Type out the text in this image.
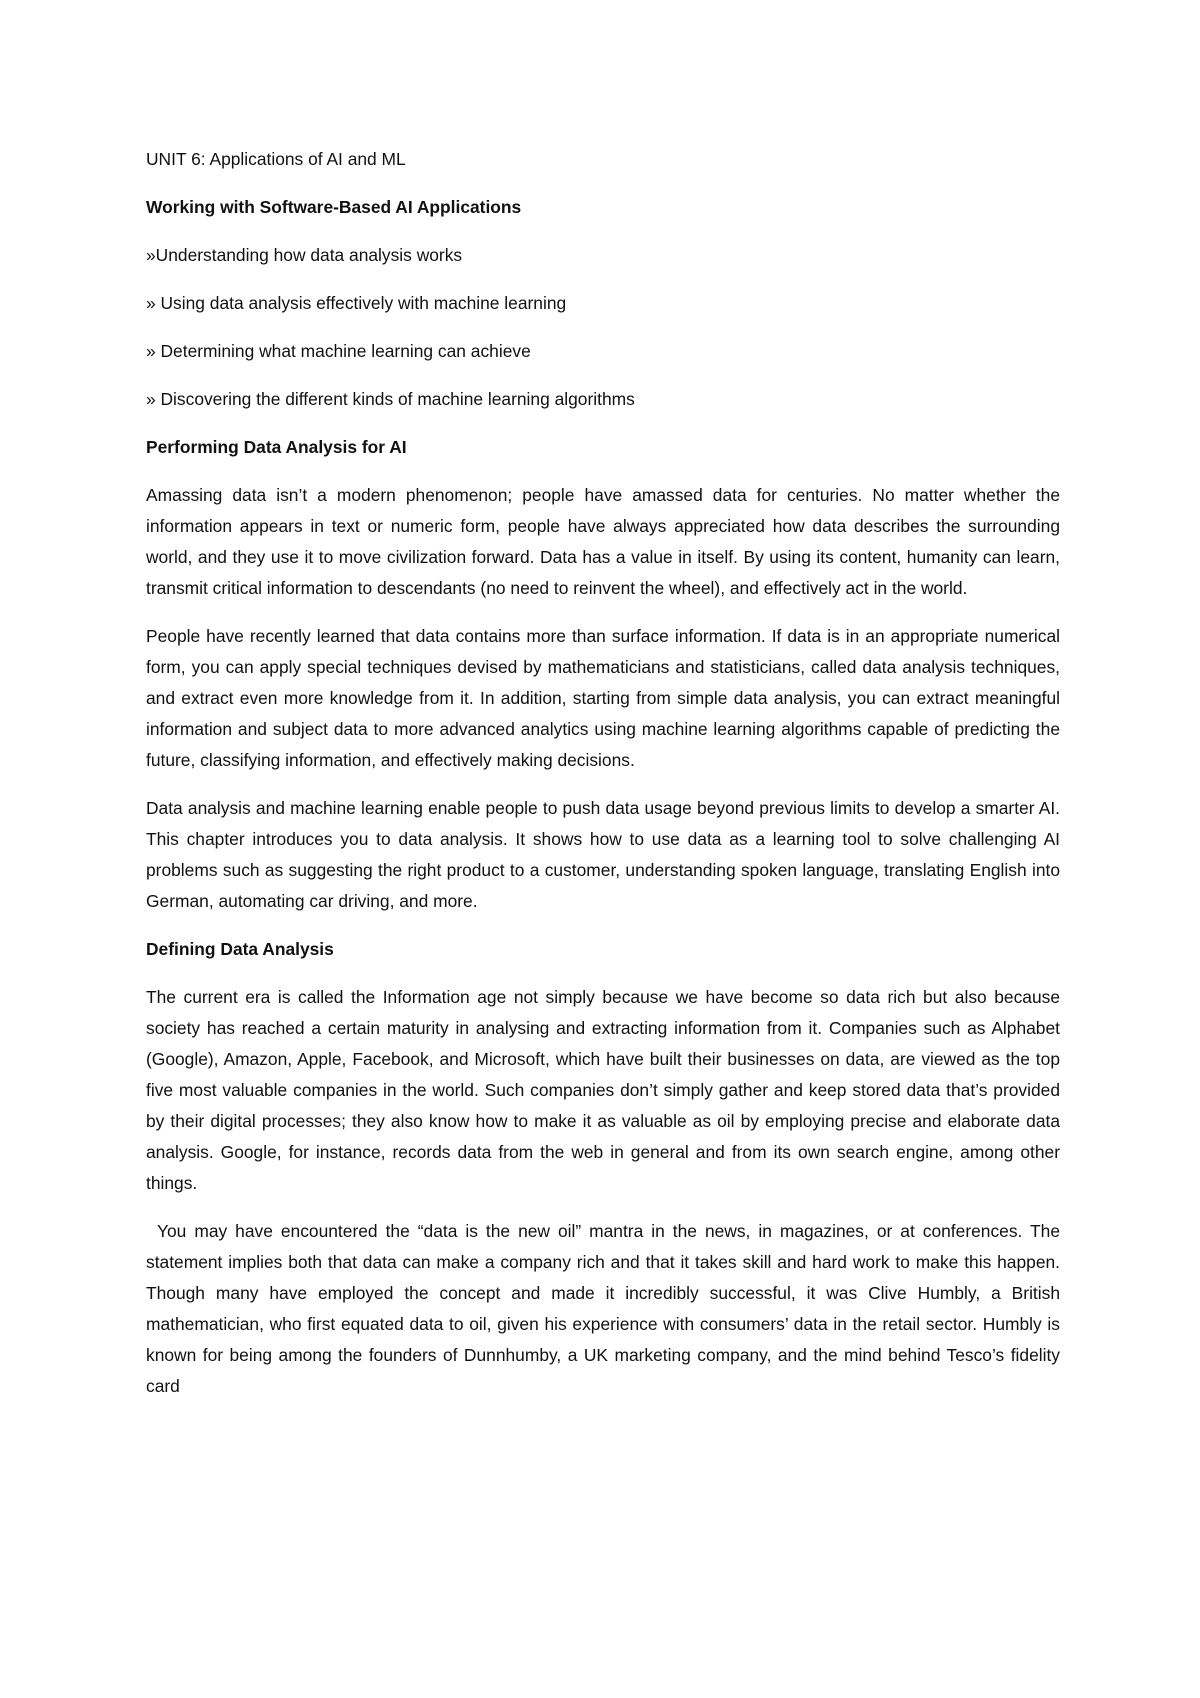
UNIT 6: Applications of AI and ML
Working with Software-Based AI Applications
»Understanding how data analysis works
» Using data analysis effectively with machine learning
» Determining what machine learning can achieve
» Discovering the different kinds of machine learning algorithms
Performing Data Analysis for AI

Amassing data isn’t a modern phenomenon; people have amassed data for centuries. No matter whether the information appears in text or numeric form, people have always appreciated how data describes the surrounding world, and they use it to move civilization forward. Data has a value in itself. By using its content, humanity can learn, transmit critical information to descendants (no need to reinvent the wheel), and effectively act in the world.

People have recently learned that data contains more than surface information. If data is in an appropriate numerical form, you can apply special techniques devised by mathematicians and statisticians, called data analysis techniques, and extract even more knowledge from it. In addition, starting from simple data analysis, you can extract meaningful information and subject data to more advanced analytics using machine learning algorithms capable of predicting the future, classifying information, and effectively making decisions.

Data analysis and machine learning enable people to push data usage beyond previous limits to develop a smarter AI. This chapter introduces you to data analysis. It shows how to use data as a learning tool to solve challenging AI problems such as suggesting the right product to a customer, understanding spoken language, translating English into German, automating car driving, and more.

Defining Data Analysis

The current era is called the Information age not simply because we have become so data rich but also because society has reached a certain maturity in analysing and extracting information from it. Companies such as Alphabet (Google), Amazon, Apple, Facebook, and Microsoft, which have built their businesses on data, are viewed as the top five most valuable companies in the world. Such companies don’t simply gather and keep stored data that’s provided by their digital processes; they also know how to make it as valuable as oil by employing precise and elaborate data analysis. Google, for instance, records data from the web in general and from its own search engine, among other things.

You may have encountered the “data is the new oil” mantra in the news, in magazines, or at conferences. The statement implies both that data can make a company rich and that it takes skill and hard work to make this happen. Though many have employed the concept and made it incredibly successful, it was Clive Humbly, a British mathematician, who first equated data to oil, given his experience with consumers’ data in the retail sector. Humbly is known for being among the founders of Dunnhumby, a UK marketing company, and the mind behind Tesco’s fidelity card
